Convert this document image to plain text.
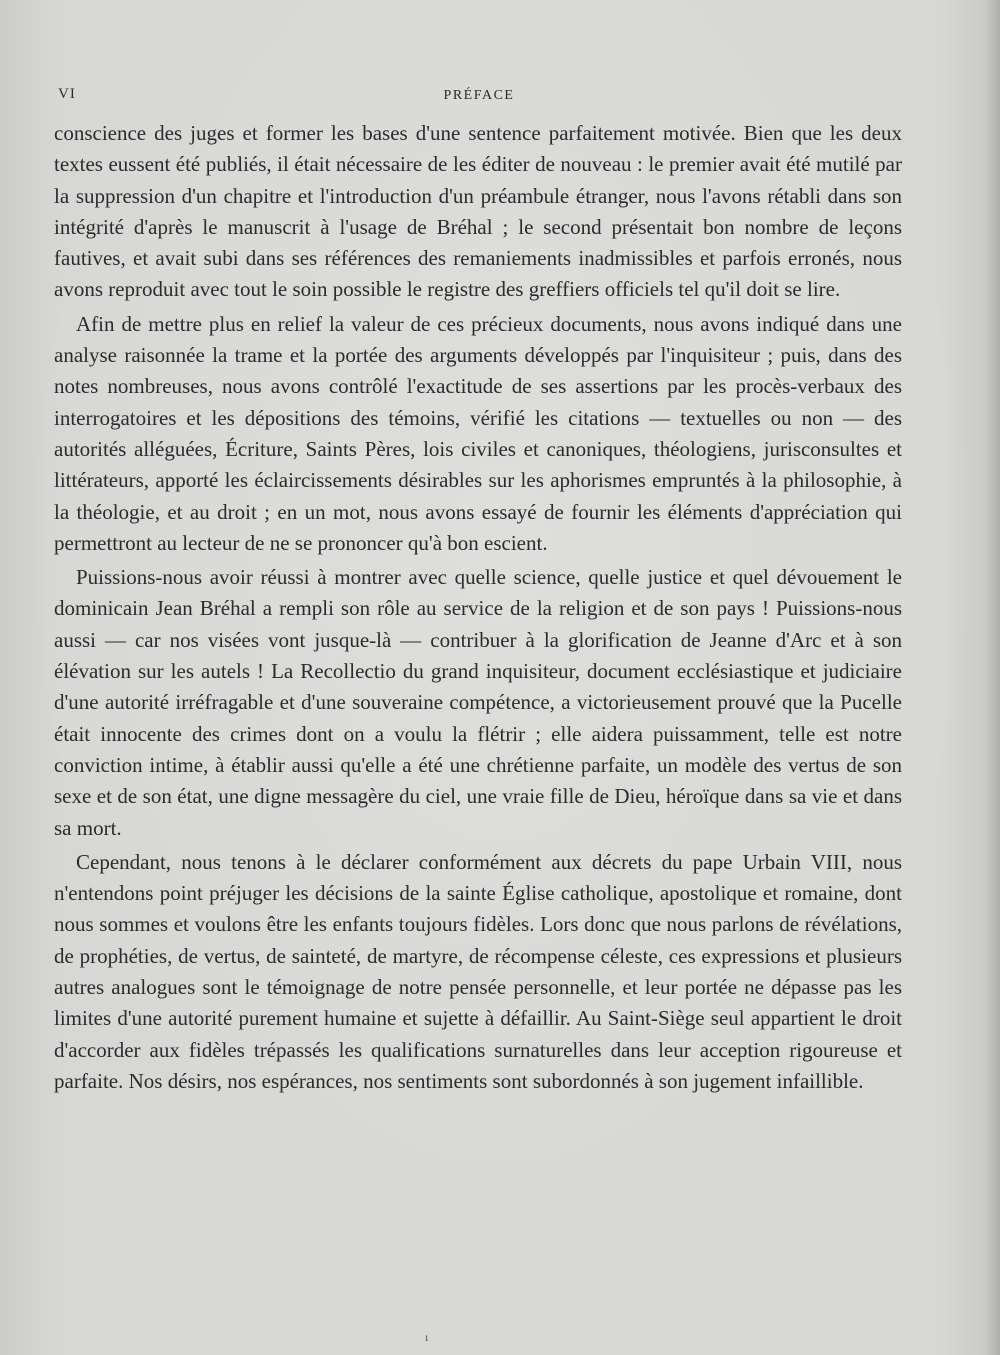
VI	PRÉFACE

conscience des juges et former les bases d'une sentence parfaitement motivée. Bien que les deux textes eussent été publiés, il était nécessaire de les éditer de nouveau : le premier avait été mutilé par la suppression d'un chapitre et l'introduction d'un préambule étranger, nous l'avons rétabli dans son intégrité d'après le manuscrit à l'usage de Bréhal ; le second présentait bon nombre de leçons fautives, et avait subi dans ses références des remaniements inadmissibles et parfois erronés, nous avons reproduit avec tout le soin possible le registre des greffiers officiels tel qu'il doit se lire.

Afin de mettre plus en relief la valeur de ces précieux documents, nous avons indiqué dans une analyse raisonnée la trame et la portée des arguments développés par l'inquisiteur ; puis, dans des notes nombreuses, nous avons contrôlé l'exactitude de ses assertions par les procès-verbaux des interrogatoires et les dépositions des témoins, vérifié les citations — textuelles ou non — des autorités alléguées, Écriture, Saints Pères, lois civiles et canoniques, théologiens, jurisconsultes et littérateurs, apporté les éclaircissements désirables sur les aphorismes empruntés à la philosophie, à la théologie, et au droit ; en un mot, nous avons essayé de fournir les éléments d'appréciation qui permettront au lecteur de ne se prononcer qu'à bon escient.

Puissions-nous avoir réussi à montrer avec quelle science, quelle justice et quel dévouement le dominicain Jean Bréhal a rempli son rôle au service de la religion et de son pays ! Puissions-nous aussi — car nos visées vont jusque-là — contribuer à la glorification de Jeanne d'Arc et à son élévation sur les autels ! La Recollectio du grand inquisiteur, document ecclésiastique et judiciaire d'une autorité irréfragable et d'une souveraine compétence, a victorieusement prouvé que la Pucelle était innocente des crimes dont on a voulu la flétrir ; elle aidera puissamment, telle est notre conviction intime, à établir aussi qu'elle a été une chrétienne parfaite, un modèle des vertus de son sexe et de son état, une digne messagère du ciel, une vraie fille de Dieu, héroïque dans sa vie et dans sa mort.

Cependant, nous tenons à le déclarer conformément aux décrets du pape Urbain VIII, nous n'entendons point préjuger les décisions de la sainte Église catholique, apostolique et romaine, dont nous sommes et voulons être les enfants toujours fidèles. Lors donc que nous parlons de révélations, de prophéties, de vertus, de sainteté, de martyre, de récompense céleste, ces expressions et plusieurs autres analogues sont le témoignage de notre pensée personnelle, et leur portée ne dépasse pas les limites d'une autorité purement humaine et sujette à défaillir. Au Saint-Siège seul appartient le droit d'accorder aux fidèles trépassés les qualifications surnaturelles dans leur acception rigoureuse et parfaite. Nos désirs, nos espérances, nos sentiments sont subordonnés à son jugement infaillible.

ı
